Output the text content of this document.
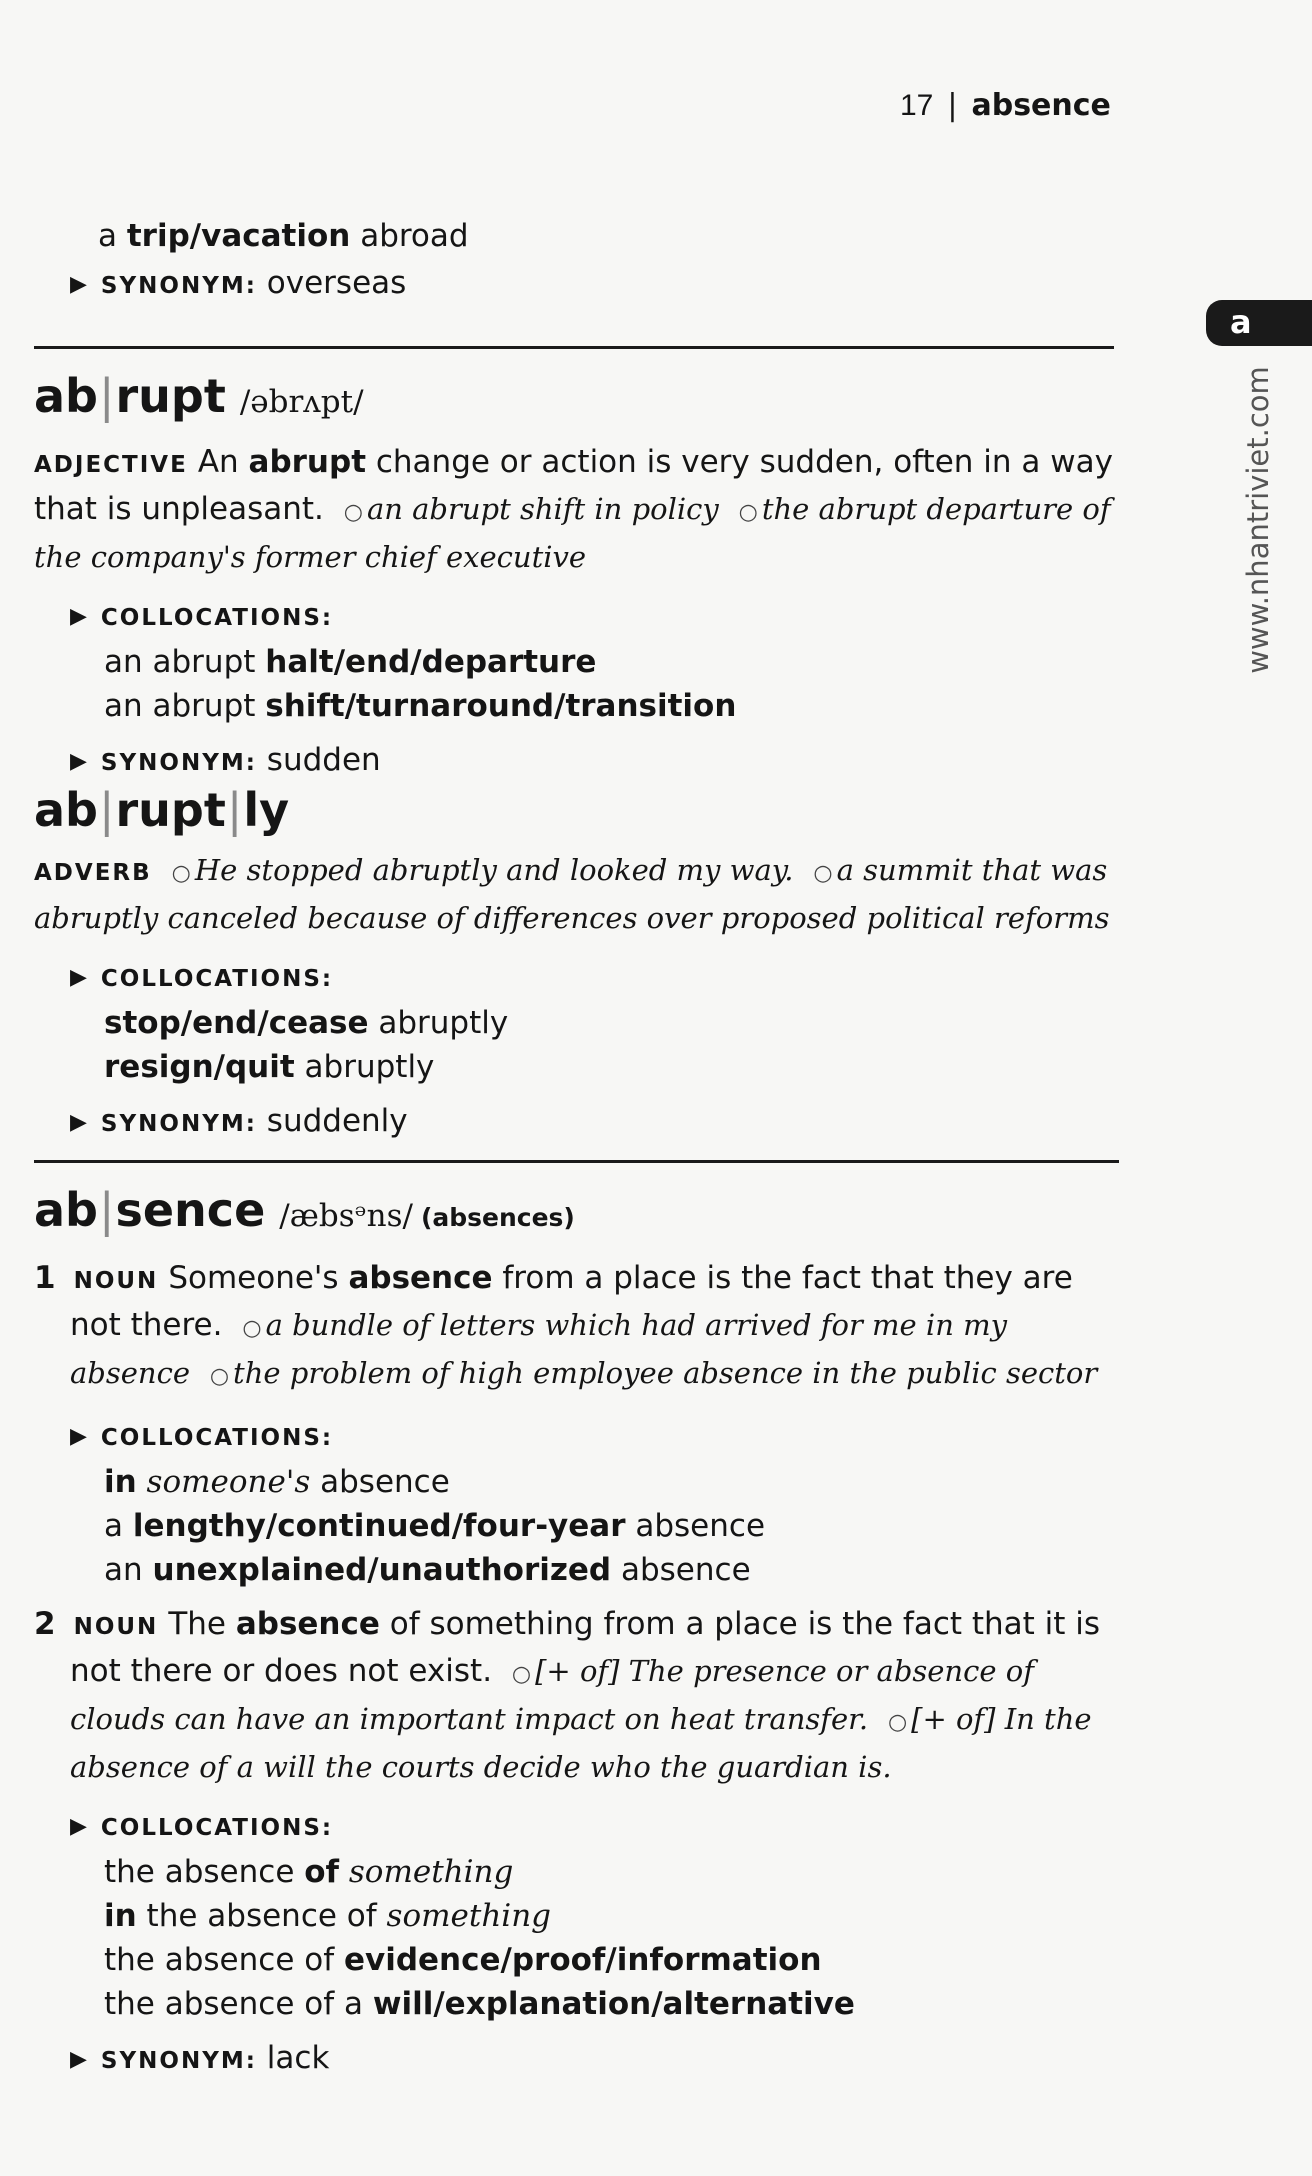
17 | absence
a
www.nhantriviet.com
a trip/vacation abroad
▶ SYNONYM: overseas
ab|rupt /əbrʌpt/
ADJECTIVE An abrupt change or action is very sudden, often in a way that is unpleasant. ○ an abrupt shift in policy ○ the abrupt departure of the company's former chief executive
▶ COLLOCATIONS:
an abrupt halt/end/departure
an abrupt shift/turnaround/transition
▶ SYNONYM: sudden
ab|rupt|ly
ADVERB ○ He stopped abruptly and looked my way. ○ a summit that was abruptly canceled because of differences over proposed political reforms
▶ COLLOCATIONS:
stop/end/cease abruptly
resign/quit abruptly
▶ SYNONYM: suddenly
ab|sence /æbsᵊns/ (absences)
1 NOUN Someone's absence from a place is the fact that they are not there. ○ a bundle of letters which had arrived for me in my absence ○ the problem of high employee absence in the public sector
▶ COLLOCATIONS:
in someone's absence
a lengthy/continued/four-year absence
an unexplained/unauthorized absence
2 NOUN The absence of something from a place is the fact that it is not there or does not exist. ○ [+ of] The presence or absence of clouds can have an important impact on heat transfer. ○ [+ of] In the absence of a will the courts decide who the guardian is.
▶ COLLOCATIONS:
the absence of something
in the absence of something
the absence of evidence/proof/information
the absence of a will/explanation/alternative
▶ SYNONYM: lack
